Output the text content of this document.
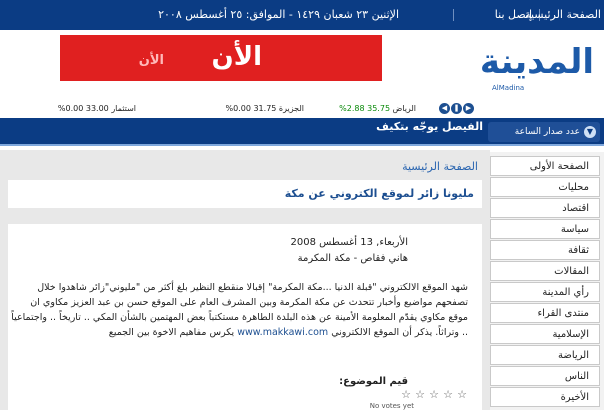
الإثنين ٢٣ شعبان ١٤٢٩ - الموافق: ٢٥ أغسطس ٢٠٠٨	إتصل بنا
الصفحة الرئيسية
المدينة
AlMadina
الأن الأن
◀ ❚ ▶
الرياض 35.75 2.88%
الجزيرة 31.75 0.00%
استثمار 33.00 0.00%
▼
عدد صدار الساعة
الفيصل يوجّه بتكيف
الصفحة الرئيسية
مليونا زائر لموقع الكتروني عن مكة
الأربعاء, 13 أغسطس 2008
هاني فقاص - مكة المكرمة
شهد الموقع الالكتروني "قبلة الدنيا ...مكة المكرمة" إقبالا منقطع النظير بلغ أكثر من "مليوني"زائر شاهدوا خلال تصفحهم مواضيع وأخبار تتحدث عن مكة المكرمة وبين المشرف العام على الموقع حسن بن عبد العزيز مكاوي ان موقع مكاوي يقدّم المعلومة الأمينة عن هذه البلدة الطاهرة مستكتباً بعض المهتمين بالشأن المكي .. تاريخاً .. واجتماعياً .. وتراثاً. يذكر أن الموقع الالكتروني www.makkawi.com يكرس مفاهيم الاخوة بين الجميع
قيم الموضوع:
☆ ☆ ☆ ☆ ☆
No votes yet
الصفحة الأولى
محليات
اقتصاد
سياسة
ثقافة
المقالات
رأي المدينة
منتدى القراء
الإسلامية
الرياضة
الناس
الأخيرة
